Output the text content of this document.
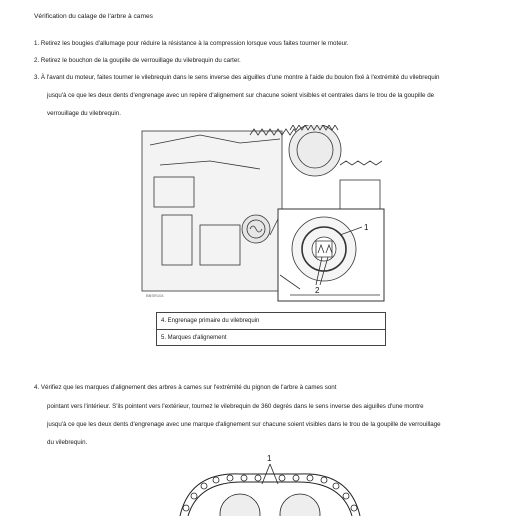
Vérification du calage de l'arbre à cames
1. Retirez les bougies d'allumage pour réduire la résistance à la compression lorsque vous faites tourner le moteur.
2. Retirez le bouchon de la goupille de verrouillage du vilebrequin du carter.
3. À l'avant du moteur, faites tourner le vilebrequin dans le sens inverse des aiguilles d'une montre à l'aide du boulon fixé à l'extrémité du vilebrequin
jusqu'à ce que les deux dents d'engrenage avec un repère d'alignement sur chacune soient visibles et centrales dans le trou de la goupille de
verrouillage du vilebrequin.
1
2
BBSR104
4. Engrenage primaire du vilebrequin
5. Marques d'alignement
4. Vérifiez que les marques d'alignement des arbres à cames sur l'extrémité du pignon de l'arbre à cames sont
pointant vers l'intérieur. S'ils pointent vers l'extérieur, tournez le vilebrequin de 360 degrés dans le sens inverse des aiguilles d'une montre
jusqu'à ce que les deux dents d'engrenage avec une marque d'alignement sur chacune soient visibles dans le trou de la goupille de verrouillage
du vilebrequin.
1
